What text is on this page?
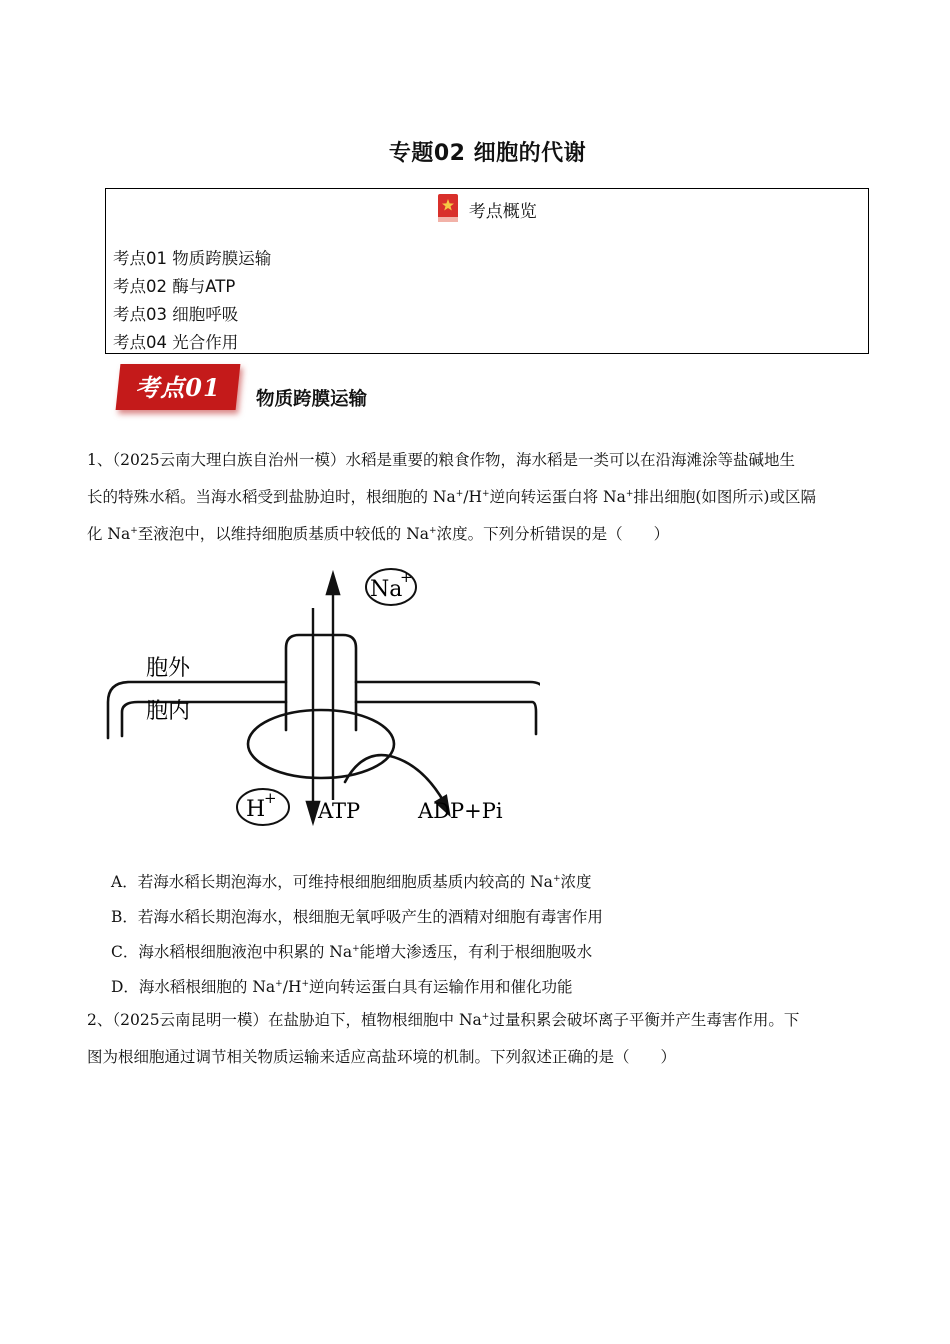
专题02 细胞的代谢
考点概览
考点01 物质跨膜运输
考点02 酶与ATP
考点03 细胞呼吸
考点04 光合作用
考点01	物质跨膜运输
1、（2025云南大理白族自治州一模）水稻是重要的粮食作物，海水稻是一类可以在沿海滩涂等盐碱地生
长的特殊水稻。当海水稻受到盐胁迫时，根细胞的 Na+/H+逆向转运蛋白将 Na+排出细胞(如图所示)或区隔
化 Na+至液泡中，以维持细胞质基质中较低的 Na+浓度。下列分析错误的是（　　）
Na
+
H
+
胞外
胞内
ATP	ADP+Pi
A．若海水稻长期泡海水，可维持根细胞细胞质基质内较高的 Na+浓度
B．若海水稻长期泡海水，根细胞无氧呼吸产生的酒精对细胞有毒害作用
C．海水稻根细胞液泡中积累的 Na+能增大渗透压，有利于根细胞吸水
D．海水稻根细胞的 Na+/H+逆向转运蛋白具有运输作用和催化功能
2、（2025云南昆明一模）在盐胁迫下，植物根细胞中 Na+过量积累会破坏离子平衡并产生毒害作用。下
图为根细胞通过调节相关物质运输来适应高盐环境的机制。下列叙述正确的是（　　）
